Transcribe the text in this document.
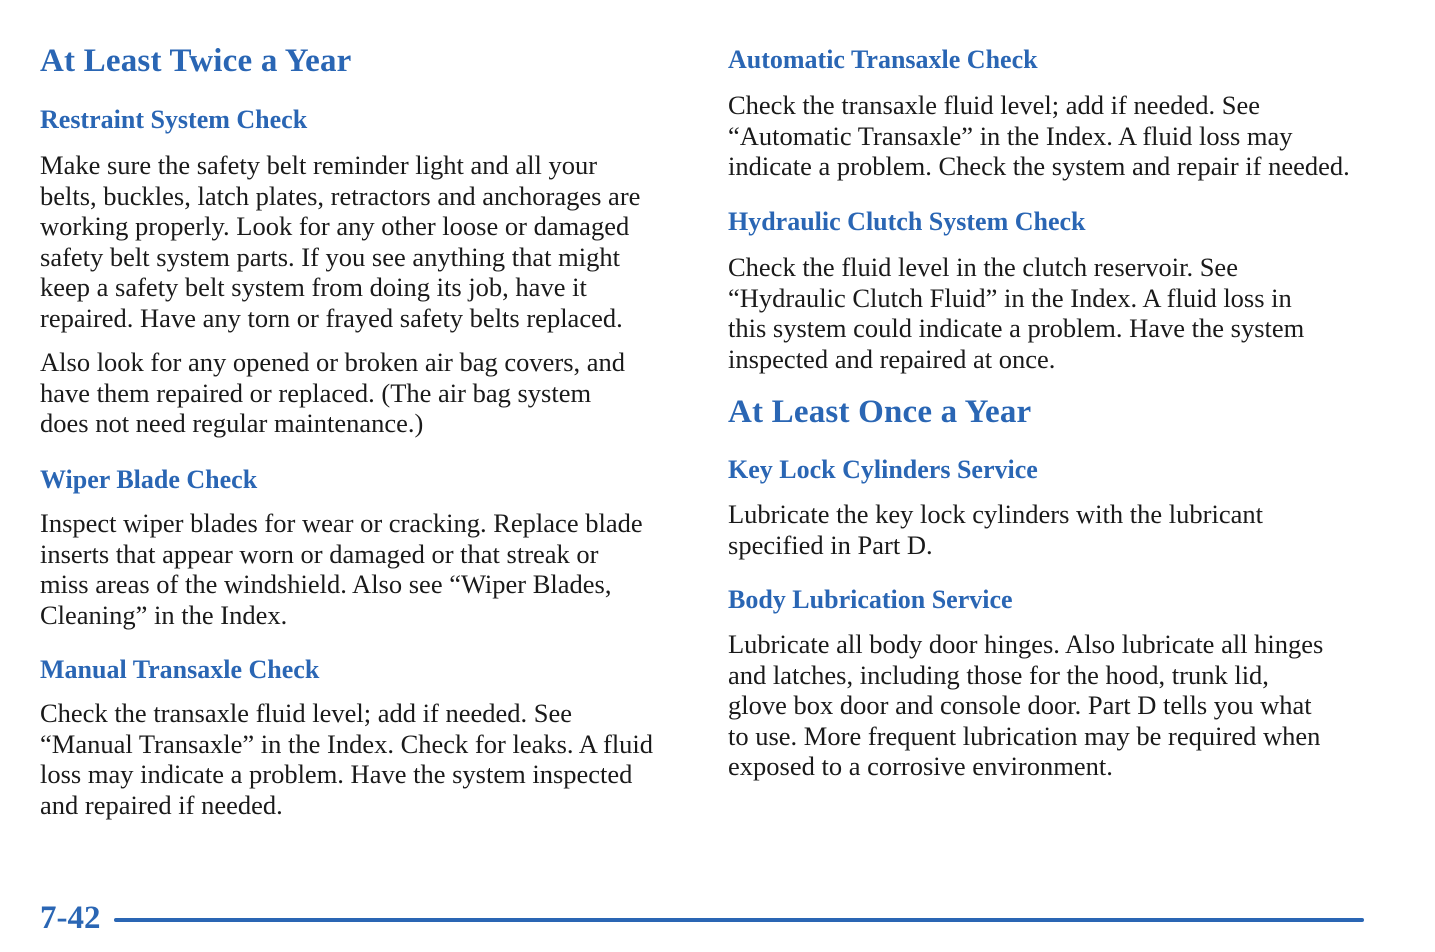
At Least Twice a Year
Restraint System Check

Make sure the safety belt reminder light and all your
belts, buckles, latch plates, retractors and anchorages are
working properly. Look for any other loose or damaged
safety belt system parts. If you see anything that might
keep a safety belt system from doing its job, have it
repaired. Have any torn or frayed safety belts replaced.

Also look for any opened or broken air bag covers, and
have them repaired or replaced. (The air bag system
does not need regular maintenance.)

Wiper Blade Check

Inspect wiper blades for wear or cracking. Replace blade
inserts that appear worn or damaged or that streak or
miss areas of the windshield. Also see “Wiper Blades,
Cleaning” in the Index.

Manual Transaxle Check

Check the transaxle fluid level; add if needed. See
“Manual Transaxle” in the Index. Check for leaks. A fluid
loss may indicate a problem. Have the system inspected
and repaired if needed.

Automatic Transaxle Check

Check the transaxle fluid level; add if needed. See
“Automatic Transaxle” in the Index. A fluid loss may
indicate a problem. Check the system and repair if needed.

Hydraulic Clutch System Check

Check the fluid level in the clutch reservoir. See
“Hydraulic Clutch Fluid” in the Index. A fluid loss in
this system could indicate a problem. Have the system
inspected and repaired at once.

At Least Once a Year
Key Lock Cylinders Service

Lubricate the key lock cylinders with the lubricant
specified in Part D.

Body Lubrication Service

Lubricate all body door hinges. Also lubricate all hinges
and latches, including those for the hood, trunk lid,
glove box door and console door. Part D tells you what
to use. More frequent lubrication may be required when
exposed to a corrosive environment.

7-42
